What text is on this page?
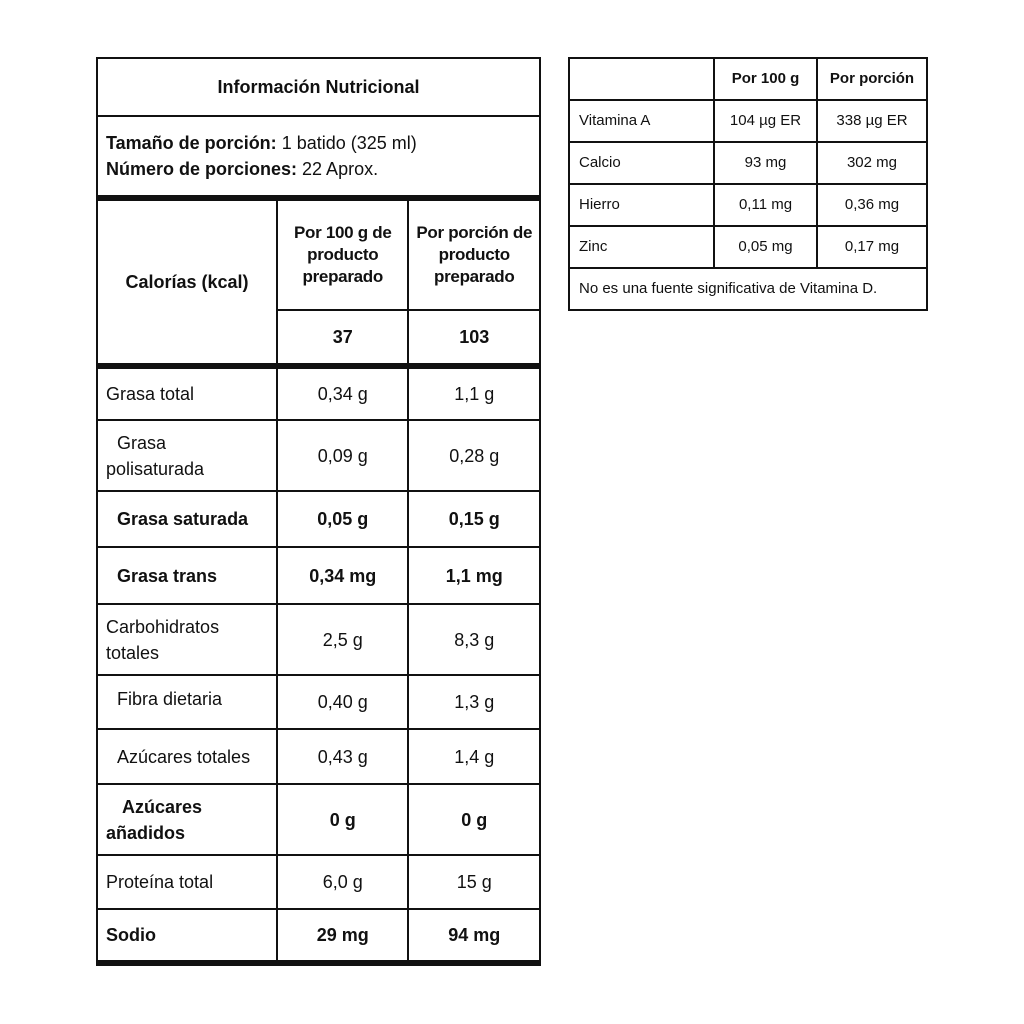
Información Nutricional		

Tamaño de porción: 1 batido (325 ml)
Número de porciones: 22 Aprox.		

Calorías (kcal)	Por 100 g de producto preparado	Por porción de producto preparado
	37	103
Grasa total	0,34 g	1,1 g

Grasa polisaturada	0,09 g	0,28 g
Grasa saturada	0,05 g	0,15 g
Grasa trans	0,34 mg	1,1 mg

Carbohidratos totales	2,5 g	8,3 g
Fibra dietaria	0,40 g	1,3 g
Azúcares totales	0,43 g	1,4 g

Azúcares añadidos	0 g	0 g
Proteína total	6,0 g	15 g
Sodio	29 mg	94 mg
	Por 100 g	Por porción
Vitamina A	104 µg ER	338 µg ER
Calcio	93 mg	302 mg
Hierro	0,11 mg	0,36 mg
Zinc	0,05 mg	0,17 mg
No es una fuente significativa de Vitamina D.		
